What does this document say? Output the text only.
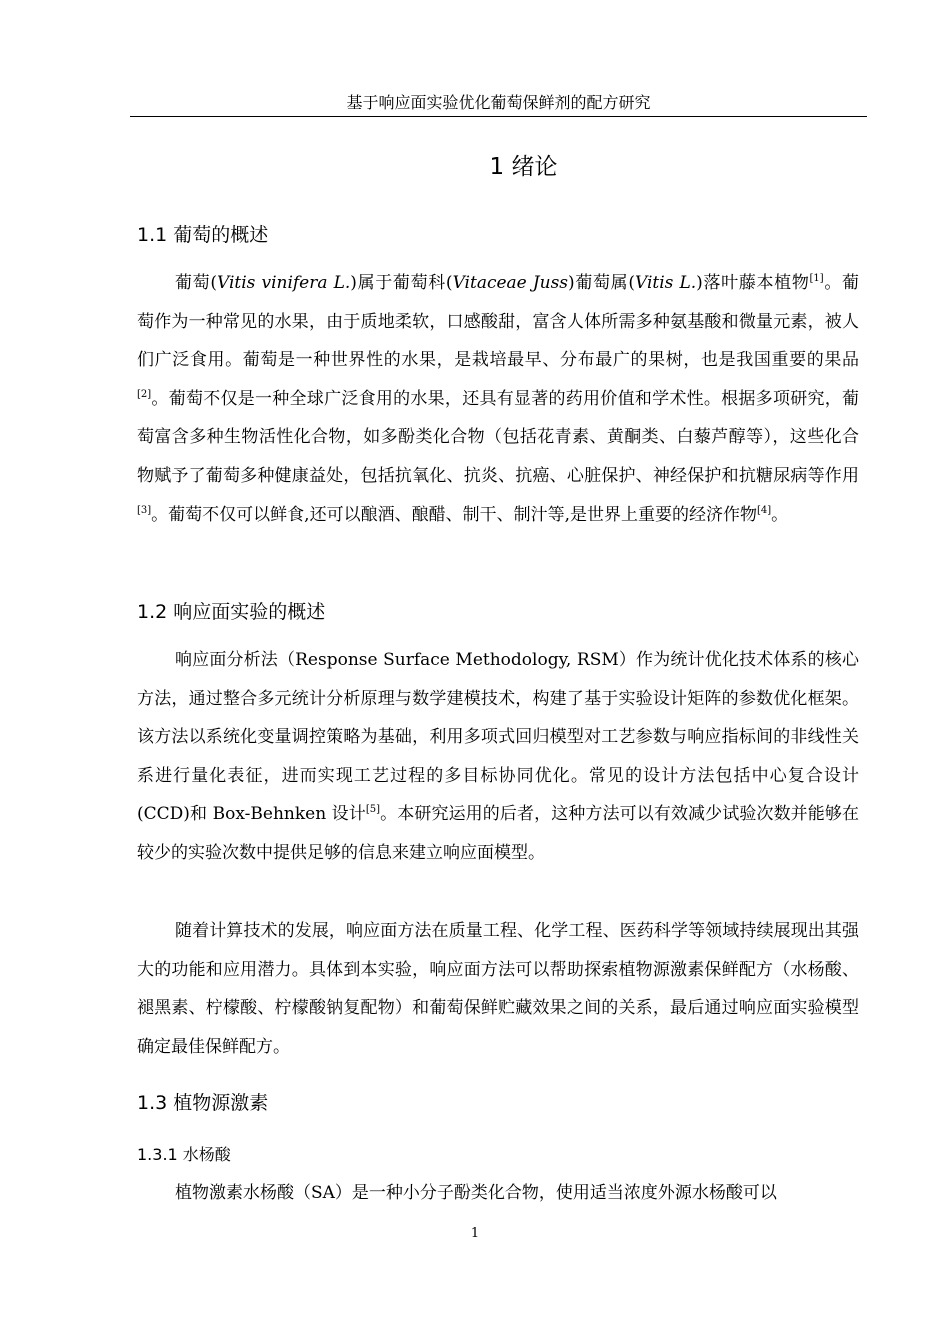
基于响应面实验优化葡萄保鲜剂的配方研究
1 绪论
1.1 葡萄的概述
葡萄(Vitis vinifera L.)属于葡萄科(Vitaceae Juss)葡萄属(Vitis L.)落叶藤本植物[1]。葡萄作为一种常见的水果，由于质地柔软，口感酸甜，富含人体所需多种氨基酸和微量元素，被人们广泛食用。葡萄是一种世界性的水果，是栽培最早、分布最广的果树，也是我国重要的果品[2]。葡萄不仅是一种全球广泛食用的水果，还具有显著的药用价值和学术性。根据多项研究，葡萄富含多种生物活性化合物，如多酚类化合物（包括花青素、黄酮类、白藜芦醇等），这些化合物赋予了葡萄多种健康益处，包括抗氧化、抗炎、抗癌、心脏保护、神经保护和抗糖尿病等作用[3]。葡萄不仅可以鲜食,还可以酿酒、酿醋、制干、制汁等,是世界上重要的经济作物[4]。
1.2 响应面实验的概述
响应面分析法（Response Surface Methodology, RSM）作为统计优化技术体系的核心方法，通过整合多元统计分析原理与数学建模技术，构建了基于实验设计矩阵的参数优化框架。该方法以系统化变量调控策略为基础，利用多项式回归模型对工艺参数与响应指标间的非线性关系进行量化表征，进而实现工艺过程的多目标协同优化。常见的设计方法包括中心复合设计(CCD)和 Box-Behnken 设计[5]。本研究运用的后者，这种方法可以有效减少试验次数并能够在较少的实验次数中提供足够的信息来建立响应面模型。
随着计算技术的发展，响应面方法在质量工程、化学工程、医药科学等领域持续展现出其强大的功能和应用潜力。具体到本实验，响应面方法可以帮助探索植物源激素保鲜配方（水杨酸、褪黑素、柠檬酸、柠檬酸钠复配物）和葡萄保鲜贮藏效果之间的关系，最后通过响应面实验模型确定最佳保鲜配方。
1.3 植物源激素
1.3.1 水杨酸
植物激素水杨酸（SA）是一种小分子酚类化合物，使用适当浓度外源水杨酸可以
1
